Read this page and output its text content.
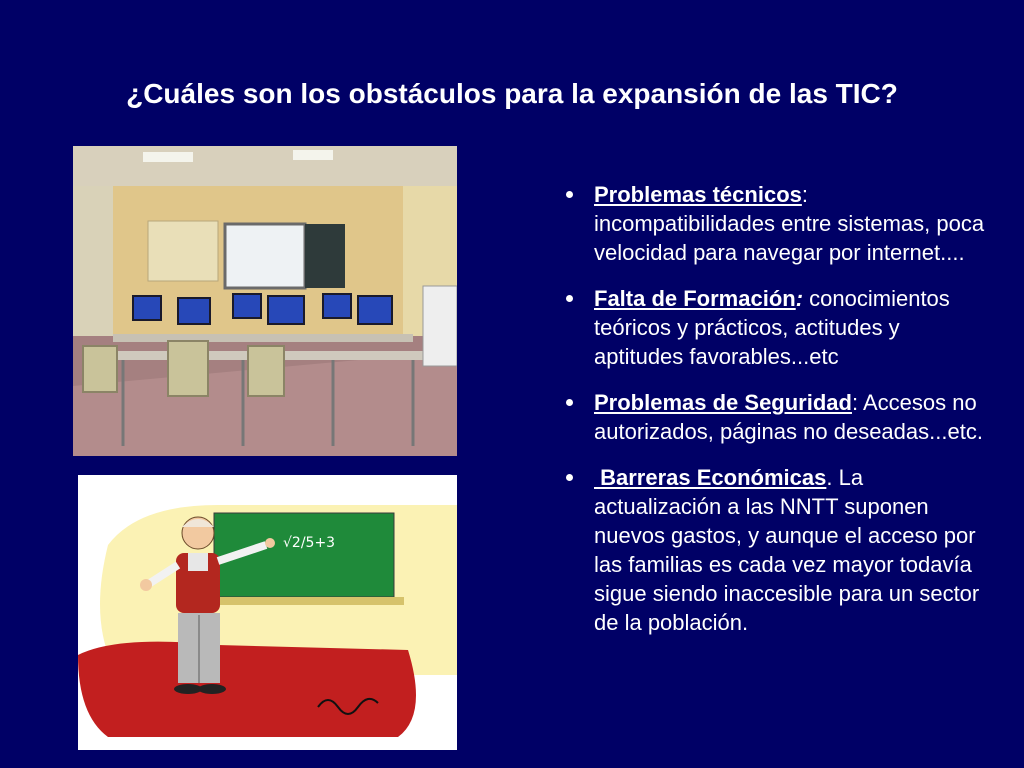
¿Cuáles son los obstáculos para la expansión de las TIC?
√2/5+3
Problemas técnicos: incompatibilidades entre sistemas, poca velocidad para navegar por internet....
Falta de Formación: conocimientos teóricos y prácticos, actitudes y aptitudes favorables...etc
Problemas de Seguridad: Accesos no autorizados, páginas no deseadas...etc.
Barreras Económicas. La actualización a las NNTT suponen nuevos gastos, y aunque el acceso por las familias es cada vez mayor todavía sigue siendo inaccesible para un sector de la población.
